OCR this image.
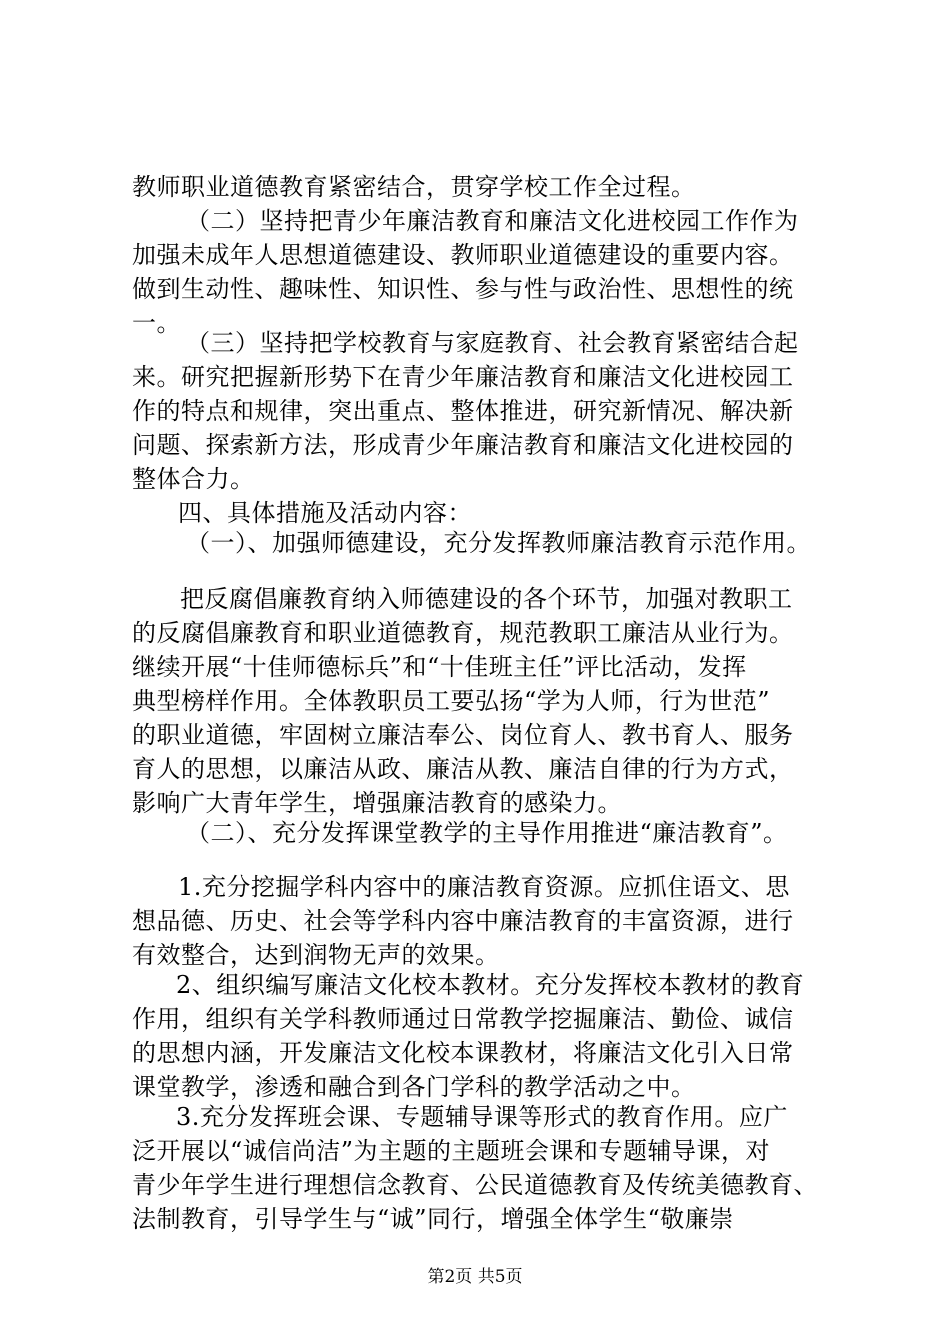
教师职业道德教育紧密结合，贯穿学校工作全过程。
（二）坚持把青少年廉洁教育和廉洁文化进校园工作作为
加强未成年人思想道德建设、教师职业道德建设的重要内容。
做到生动性、趣味性、知识性、参与性与政治性、思想性的统
一。
（三）坚持把学校教育与家庭教育、社会教育紧密结合起
来。研究把握新形势下在青少年廉洁教育和廉洁文化进校园工
作的特点和规律，突出重点、整体推进，研究新情况、解决新
问题、探索新方法，形成青少年廉洁教育和廉洁文化进校园的
整体合力。
四、具体措施及活动内容：
（一）、加强师德建设，充分发挥教师廉洁教育示范作用。
把反腐倡廉教育纳入师德建设的各个环节，加强对教职工
的反腐倡廉教育和职业道德教育，规范教职工廉洁从业行为。
继续开展“十佳师德标兵”和“十佳班主任”评比活动，发挥
典型榜样作用。全体教职员工要弘扬“学为人师，行为世范”
的职业道德，牢固树立廉洁奉公、岗位育人、教书育人、服务
育人的思想，以廉洁从政、廉洁从教、廉洁自律的行为方式，
影响广大青年学生，增强廉洁教育的感染力。
（二）、充分发挥课堂教学的主导作用推进“廉洁教育”。
1.充分挖掘学科内容中的廉洁教育资源。应抓住语文、思
想品德、历史、社会等学科内容中廉洁教育的丰富资源，进行
有效整合，达到润物无声的效果。
2、组织编写廉洁文化校本教材。充分发挥校本教材的教育
作用，组织有关学科教师通过日常教学挖掘廉洁、勤俭、诚信
的思想内涵，开发廉洁文化校本课教材，将廉洁文化引入日常
课堂教学，渗透和融合到各门学科的教学活动之中。
3.充分发挥班会课、专题辅导课等形式的教育作用。应广
泛开展以“诚信尚洁”为主题的主题班会课和专题辅导课，对
青少年学生进行理想信念教育、公民道德教育及传统美德教育、
法制教育，引导学生与“诚”同行，增强全体学生“敬廉崇
第2页 共5页
